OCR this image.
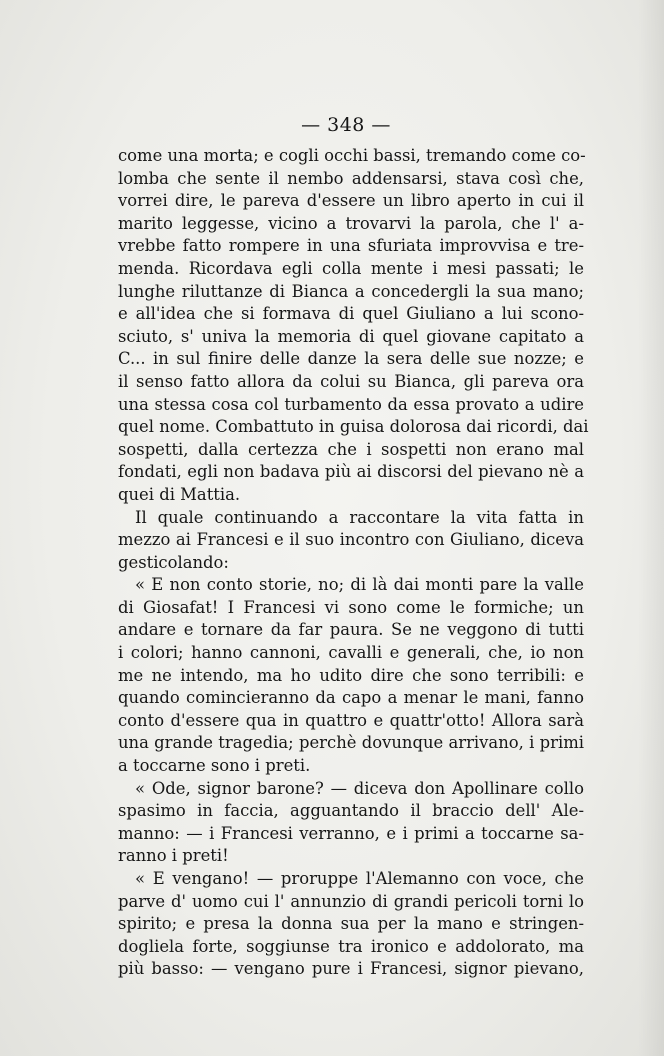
— 348 —
come una morta; e cogli occhi bassi, tremando come co-
lomba che sente il nembo addensarsi, stava così che,
vorrei dire, le pareva d'essere un libro aperto in cui il
marito leggesse, vicino a trovarvi la parola, che l' a-
vrebbe fatto rompere in una sfuriata improvvisa e tre-
menda. Ricordava egli colla mente i mesi passati; le
lunghe riluttanze di Bianca a concedergli la sua mano;
e all'idea che si formava di quel Giuliano a lui scono-
sciuto, s' univa la memoria di quel giovane capitato a
C... in sul finire delle danze la sera delle sue nozze; e
il senso fatto allora da colui su Bianca, gli pareva ora
una stessa cosa col turbamento da essa provato a udire
quel nome. Combattuto in guisa dolorosa dai ricordi, dai
sospetti, dalla certezza che i sospetti non erano mal
fondati, egli non badava più ai discorsi del pievano nè a
quei di Mattia.
Il quale continuando a raccontare la vita fatta in
mezzo ai Francesi e il suo incontro con Giuliano, diceva
gesticolando:
« E non conto storie, no; di là dai monti pare la valle
di Giosafat! I Francesi vi sono come le formiche; un
andare e tornare da far paura. Se ne veggono di tutti
i colori; hanno cannoni, cavalli e generali, che, io non
me ne intendo, ma ho udito dire che sono terribili: e
quando comincieranno da capo a menar le mani, fanno
conto d'essere qua in quattro e quattr'otto! Allora sarà
una grande tragedia; perchè dovunque arrivano, i primi
a toccarne sono i preti.
« Ode, signor barone? — diceva don Apollinare collo
spasimo in faccia, agguantando il braccio dell' Ale-
manno: — i Francesi verranno, e i primi a toccarne sa-
ranno i preti!
« E vengano! — proruppe l'Alemanno con voce, che
parve d' uomo cui l' annunzio di grandi pericoli torni lo
spirito; e presa la donna sua per la mano e stringen-
dogliela forte, soggiunse tra ironico e addolorato, ma
più basso: — vengano pure i Francesi, signor pievano,
